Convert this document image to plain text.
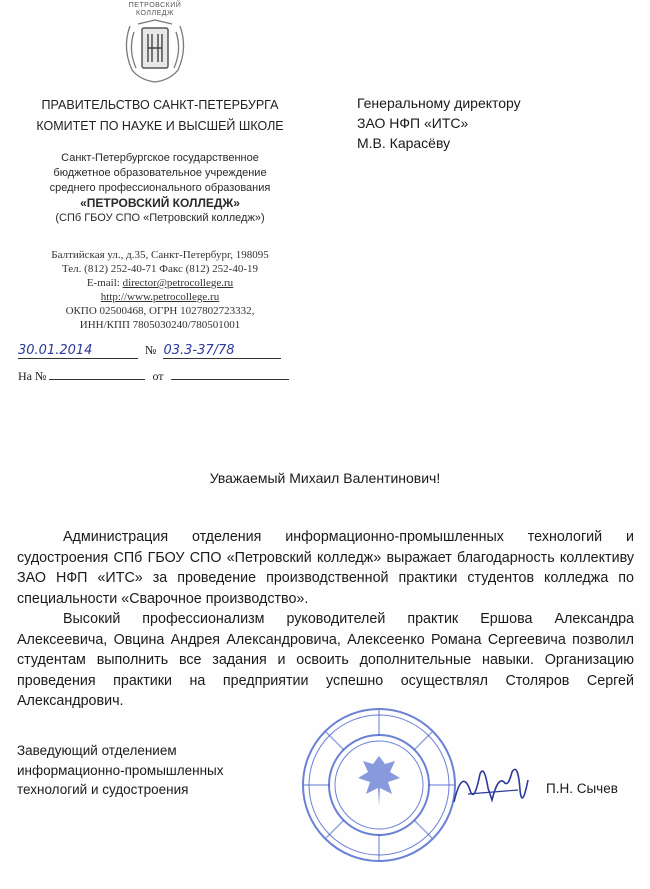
ПЕТРОВСКИЙ
КОЛЛЕДЖ
ПРАВИТЕЛЬСТВО САНКТ-ПЕТЕРБУРГА
КОМИТЕТ ПО НАУКЕ И ВЫСШЕЙ ШКОЛЕ
Санкт-Петербургское государственное
бюджетное образовательное учреждение
среднего профессионального образования
«ПЕТРОВСКИЙ КОЛЛЕДЖ»
(СПб ГБОУ СПО «Петровский колледж»)
Балтийская ул., д.35, Санкт-Петербург, 198095
Тел. (812) 252-40-71 Факс (812) 252-40-19
E-mail: director@petrocollege.ru
http://www.petrocollege.ru
ОКПО 02500468, ОГРН 1027802723332,
ИНН/КПП 7805030240/780501001
30.01.2014	№ 03.3-37/78
На №	от
Генеральному директору
ЗАО НФП «ИТС»
М.В. Карасёву
Уважаемый Михаил Валентинович!

Администрация отделения информационно-промышленных технологий и судостроения СПб ГБОУ СПО «Петровский колледж» выражает благодарность коллективу ЗАО НФП «ИТС» за проведение производственной практики студентов колледжа по специальности «Сварочное производство».

Высокий профессионализм руководителей практик Ершова Александра Алексеевича, Овцина Андрея Александровича, Алексеенко Романа Сергеевича позволил студентам выполнить все задания и освоить дополнительные навыки. Организацию проведения практики на предприятии успешно осуществлял Столяров Сергей Александрович.

Заведующий отделением
информационно-промышленных
технологий и судостроения	П.Н. Сычев
